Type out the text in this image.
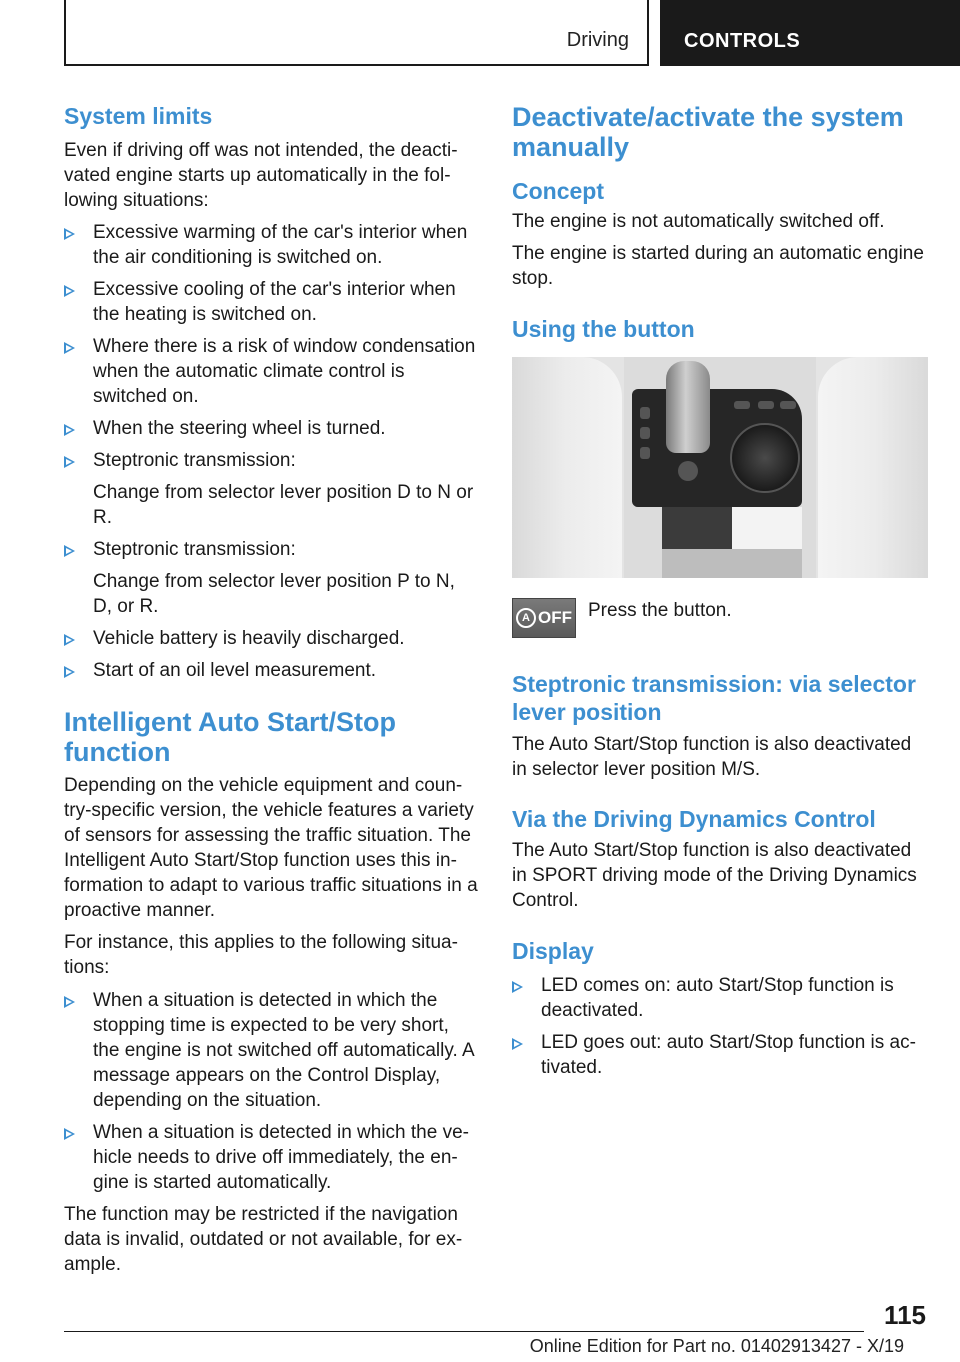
Driving	CONTROLS
System limits

Even if driving off was not intended, the deacti-vated engine starts up automatically in the fol-lowing situations:

Excessive warming of the car's interior when the air conditioning is switched on.
Excessive cooling of the car's interior when the heating is switched on.
Where there is a risk of window condensation when the automatic climate control is switched on.
When the steering wheel is turned.
Steptronic transmission:
Change from selector lever position D to N or R.
Steptronic transmission:
Change from selector lever position P to N, D, or R.
Vehicle battery is heavily discharged.
Start of an oil level measurement.
Intelligent Auto Start/Stop function

Depending on the vehicle equipment and coun-try-specific version, the vehicle features a variety of sensors for assessing the traffic situation. The Intelligent Auto Start/Stop function uses this in-formation to adapt to various traffic situations in a proactive manner.

For instance, this applies to the following situa-tions:

When a situation is detected in which the stopping time is expected to be very short, the engine is not switched off automatically. A message appears on the Control Display, depending on the situation.
When a situation is detected in which the ve-hicle needs to drive off immediately, the en-gine is started automatically.

The function may be restricted if the navigation data is invalid, outdated or not available, for ex-ample.

Deactivate/activate the system manually
Concept

The engine is not automatically switched off.

The engine is started during an automatic engine stop.

Using the button
A OFF Press the button.

Steptronic transmission: via selector lever position

The Auto Start/Stop function is also deactivated in selector lever position M/S.

Via the Driving Dynamics Control

The Auto Start/Stop function is also deactivated in SPORT driving mode of the Driving Dynamics Control.

Display
LED comes on: auto Start/Stop function is deactivated.
LED goes out: auto Start/Stop function is ac-tivated.
115
Online Edition for Part no. 01402913427 - X/19
